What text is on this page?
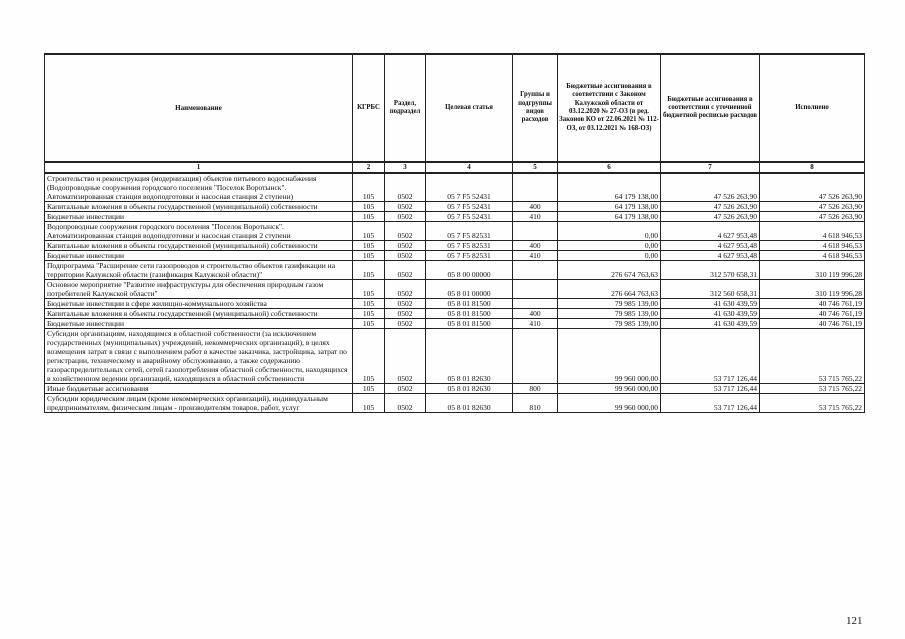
Наименование	КГРБС	Раздел, подраздел	Целевая статья	Группы и подгруппы видов расходов	Бюджетные ассигнования в соответствии с Законом Калужской области от 03.12.2020 № 27-ОЗ (в ред. Законов КО от 22.06.2021 № 112-ОЗ, от 03.12.2021 № 168-ОЗ)	Бюджетные ассигнования в соответствии с уточненной бюджетной росписью расходов	Исполнено
1	2	3	4	5	6	7	8
Строительство и реконструкция (модернизация) объектов питьевого водоснабжения (Водопроводные сооружения городского поселения "Поселок Воротынск". Автоматизированная станция водоподготовки и насосная станция 2 ступени)	105	0502	05 7 F5 52431		64 179 138,00	47 526 263,90	47 526 263,90
Капитальные вложения в объекты государственной (муниципальной) собственности	105	0502	05 7 F5 52431	400	64 179 138,00	47 526 263,90	47 526 263,90
Бюджетные инвестиции	105	0502	05 7 F5 52431	410	64 179 138,00	47 526 263,90	47 526 263,90
Водопроводные сооружения городского поселения "Поселок Воротынск". Автоматизированная станция водоподготовки и насосная станция 2 ступени	105	0502	05 7 F5 82531		0,00	4 627 953,48	4 618 946,53
Капитальные вложения в объекты государственной (муниципальной) собственности	105	0502	05 7 F5 82531	400	0,00	4 627 953,48	4 618 946,53
Бюджетные инвестиции	105	0502	05 7 F5 82531	410	0,00	4 627 953,48	4 618 946,53
Подпрограмма "Расширение сети газопроводов и строительство объектов газификации на территории Калужской области (газификация Калужской области)"	105	0502	05 8 00 00000		276 674 763,63	312 570 658,31	310 119 996,28
Основное мероприятие "Развитие инфраструктуры для обеспечения природным газом потребителей Калужской области"	105	0502	05 8 01 00000		276 664 763,63	312 560 658,31	310 119 996,28
Бюджетные инвестиции в сфере жилищно-коммунального хозяйства	105	0502	05 8 01 81500		79 985 139,00	41 630 439,59	40 746 761,19
Капитальные вложения в объекты государственной (муниципальной) собственности	105	0502	05 8 01 81500	400	79 985 139,00	41 630 439,59	40 746 761,19
Бюджетные инвестиции	105	0502	05 8 01 81500	410	79 985 139,00	41 630 439,59	40 746 761,19
Субсидии организациям, находящимся в областной собственности (за исключением государственных (муниципальных) учреждений, некоммерческих организаций), в целях возмещения затрат в связи с выполнением работ в качестве заказчика, застройщика, затрат по регистрации, техническому и аварийному обслуживанию, а также содержанию газораспределительных сетей, сетей газопотребления областной собственности, находящихся в хозяйственном ведении организаций, находящихся в областной собственности	105	0502	05 8 01 82630		99 960 000,00	53 717 126,44	53 715 765,22
Иные бюджетные ассигнования	105	0502	05 8 01 82630	800	99 960 000,00	53 717 126,44	53 715 765,22
Субсидии юридическим лицам (кроме некоммерческих организаций), индивидуальным предпринимателям, физическим лицам - производителям товаров, работ, услуг	105	0502	05 8 01 82630	810	99 960 000,00	53 717 126,44	53 715 765,22
121
